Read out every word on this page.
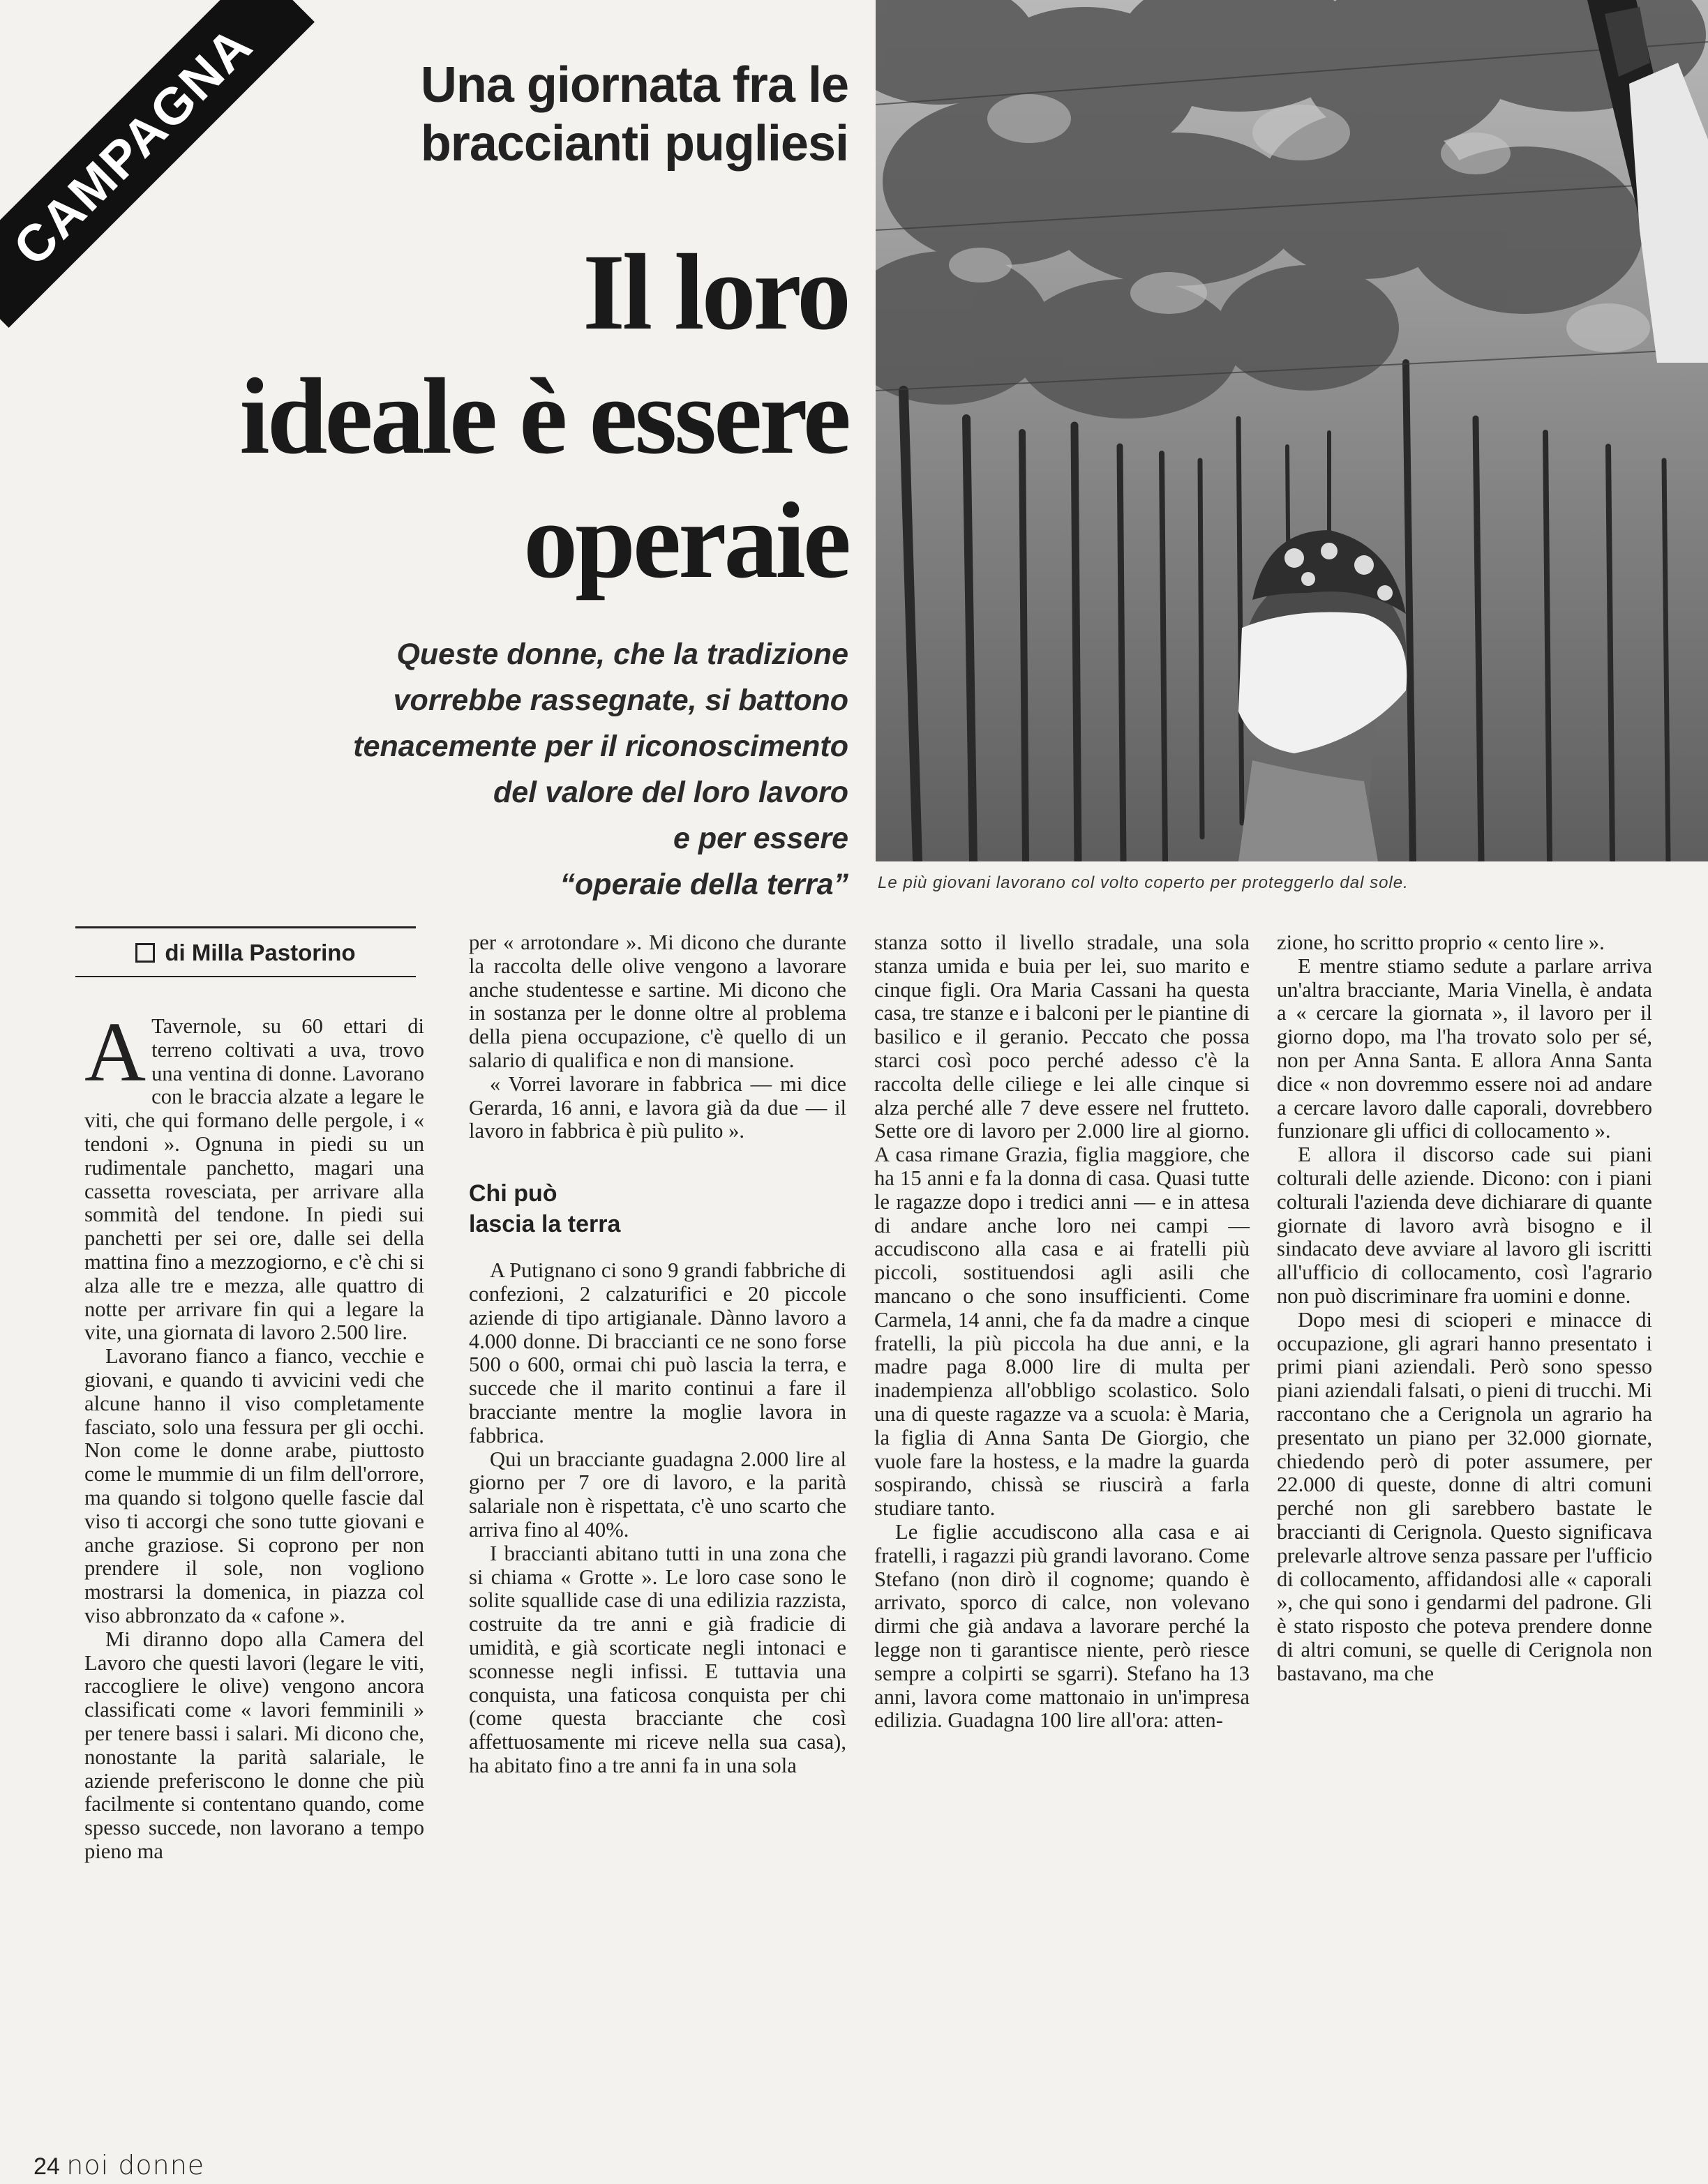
CAMPAGNA	Una giornata fra le
braccianti pugliesi
Il loro
ideale è essere
operaie
Queste donne, che la tradizione
vorrebbe rassegnate, si battono
tenacemente per il riconoscimento
del valore del loro lavoro
e per essere
“operaie della terra” Le più giovani lavorano col volto coperto per proteggerlo dal sole.
di Milla Pastorino

A Tavernole, su 60 ettari di terreno coltivati a uva, trovo una ventina di donne. Lavorano con le braccia alzate a legare le viti, che qui formano delle pergole, i « tendoni ». Ognuna in piedi su un rudimentale panchetto, magari una cassetta rovesciata, per arrivare alla sommità del tendone. In piedi sui panchetti per sei ore, dalle sei della mattina fino a mezzogiorno, e c'è chi si alza alle tre e mezza, alle quattro di notte per arrivare fin qui a legare la vite, una giornata di lavoro 2.500 lire.

Lavorano fianco a fianco, vecchie e giovani, e quando ti avvicini vedi che alcune hanno il viso completamente fasciato, solo una fessura per gli occhi. Non come le donne arabe, piuttosto come le mummie di un film dell'orrore, ma quando si tolgono quelle fascie dal viso ti accorgi che sono tutte giovani e anche graziose. Si coprono per non prendere il sole, non vogliono mostrarsi la domenica, in piazza col viso abbronzato da « cafone ».

Mi diranno dopo alla Camera del Lavoro che questi lavori (legare le viti, raccogliere le olive) vengono ancora classificati come « lavori femminili » per tenere bassi i salari. Mi dicono che, nonostante la parità salariale, le aziende preferiscono le donne che più facilmente si contentano quando, come spesso succede, non lavorano a tempo pieno ma

per « arrotondare ». Mi dicono che durante la raccolta delle olive vengono a lavorare anche studentesse e sartine. Mi dicono che in sostanza per le donne oltre al problema della piena occupazione, c'è quello di un salario di qualifica e non di mansione.

« Vorrei lavorare in fabbrica — mi dice Gerarda, 16 anni, e lavora già da due — il lavoro in fabbrica è più pulito ».

Chi può
lascia la terra

A Putignano ci sono 9 grandi fabbriche di confezioni, 2 calzaturifici e 20 piccole aziende di tipo artigianale. Dànno lavoro a 4.000 donne. Di braccianti ce ne sono forse 500 o 600, ormai chi può lascia la terra, e succede che il marito continui a fare il bracciante mentre la moglie lavora in fabbrica.

Qui un bracciante guadagna 2.000 lire al giorno per 7 ore di lavoro, e la parità salariale non è rispettata, c'è uno scarto che arriva fino al 40%.

I braccianti abitano tutti in una zona che si chiama « Grotte ». Le loro case sono le solite squallide case di una edilizia razzista, costruite da tre anni e già fradicie di umidità, e già scorticate negli intonaci e sconnesse negli infissi. E tuttavia una conquista, una faticosa conquista per chi (come questa bracciante che così affettuosamente mi riceve nella sua casa), ha abitato fino a tre anni fa in una sola

stanza sotto il livello stradale, una sola stanza umida e buia per lei, suo marito e cinque figli. Ora Maria Cassani ha questa casa, tre stanze e i balconi per le piantine di basilico e il geranio. Peccato che possa starci così poco perché adesso c'è la raccolta delle ciliege e lei alle cinque si alza perché alle 7 deve essere nel frutteto. Sette ore di lavoro per 2.000 lire al giorno. A casa rimane Grazia, figlia maggiore, che ha 15 anni e fa la donna di casa. Quasi tutte le ragazze dopo i tredici anni — e in attesa di andare anche loro nei campi — accudiscono alla casa e ai fratelli più piccoli, sostituendosi agli asili che mancano o che sono insufficienti. Come Carmela, 14 anni, che fa da madre a cinque fratelli, la più piccola ha due anni, e la madre paga 8.000 lire di multa per inadempienza all'obbligo scolastico. Solo una di queste ragazze va a scuola: è Maria, la figlia di Anna Santa De Giorgio, che vuole fare la hostess, e la madre la guarda sospirando, chissà se riuscirà a farla studiare tanto.

Le figlie accudiscono alla casa e ai fratelli, i ragazzi più grandi lavorano. Come Stefano (non dirò il cognome; quando è arrivato, sporco di calce, non volevano dirmi che già andava a lavorare perché la legge non ti garantisce niente, però riesce sempre a colpirti se sgarri). Stefano ha 13 anni, lavora come mattonaio in un'impresa edilizia. Guadagna 100 lire all'ora: atten-

zione, ho scritto proprio « cento lire ».

E mentre stiamo sedute a parlare arriva un'altra bracciante, Maria Vinella, è andata a « cercare la giornata », il lavoro per il giorno dopo, ma l'ha trovato solo per sé, non per Anna Santa. E allora Anna Santa dice « non dovremmo essere noi ad andare a cercare lavoro dalle caporali, dovrebbero funzionare gli uffici di collocamento ».

E allora il discorso cade sui piani colturali delle aziende. Dicono: con i piani colturali l'azienda deve dichiarare di quante giornate di lavoro avrà bisogno e il sindacato deve avviare al lavoro gli iscritti all'ufficio di collocamento, così l'agrario non può discriminare fra uomini e donne.

Dopo mesi di scioperi e minacce di occupazione, gli agrari hanno presentato i primi piani aziendali. Però sono spesso piani aziendali falsati, o pieni di trucchi. Mi raccontano che a Cerignola un agrario ha presentato un piano per 32.000 giornate, chiedendo però di poter assumere, per 22.000 di queste, donne di altri comuni perché non gli sarebbero bastate le braccianti di Cerignola. Questo significava prelevarle altrove senza passare per l'ufficio di collocamento, affidandosi alle « caporali », che qui sono i gendarmi del padrone. Gli è stato risposto che poteva prendere donne di altri comuni, se quelle di Cerignola non bastavano, ma che

24 noi donne
